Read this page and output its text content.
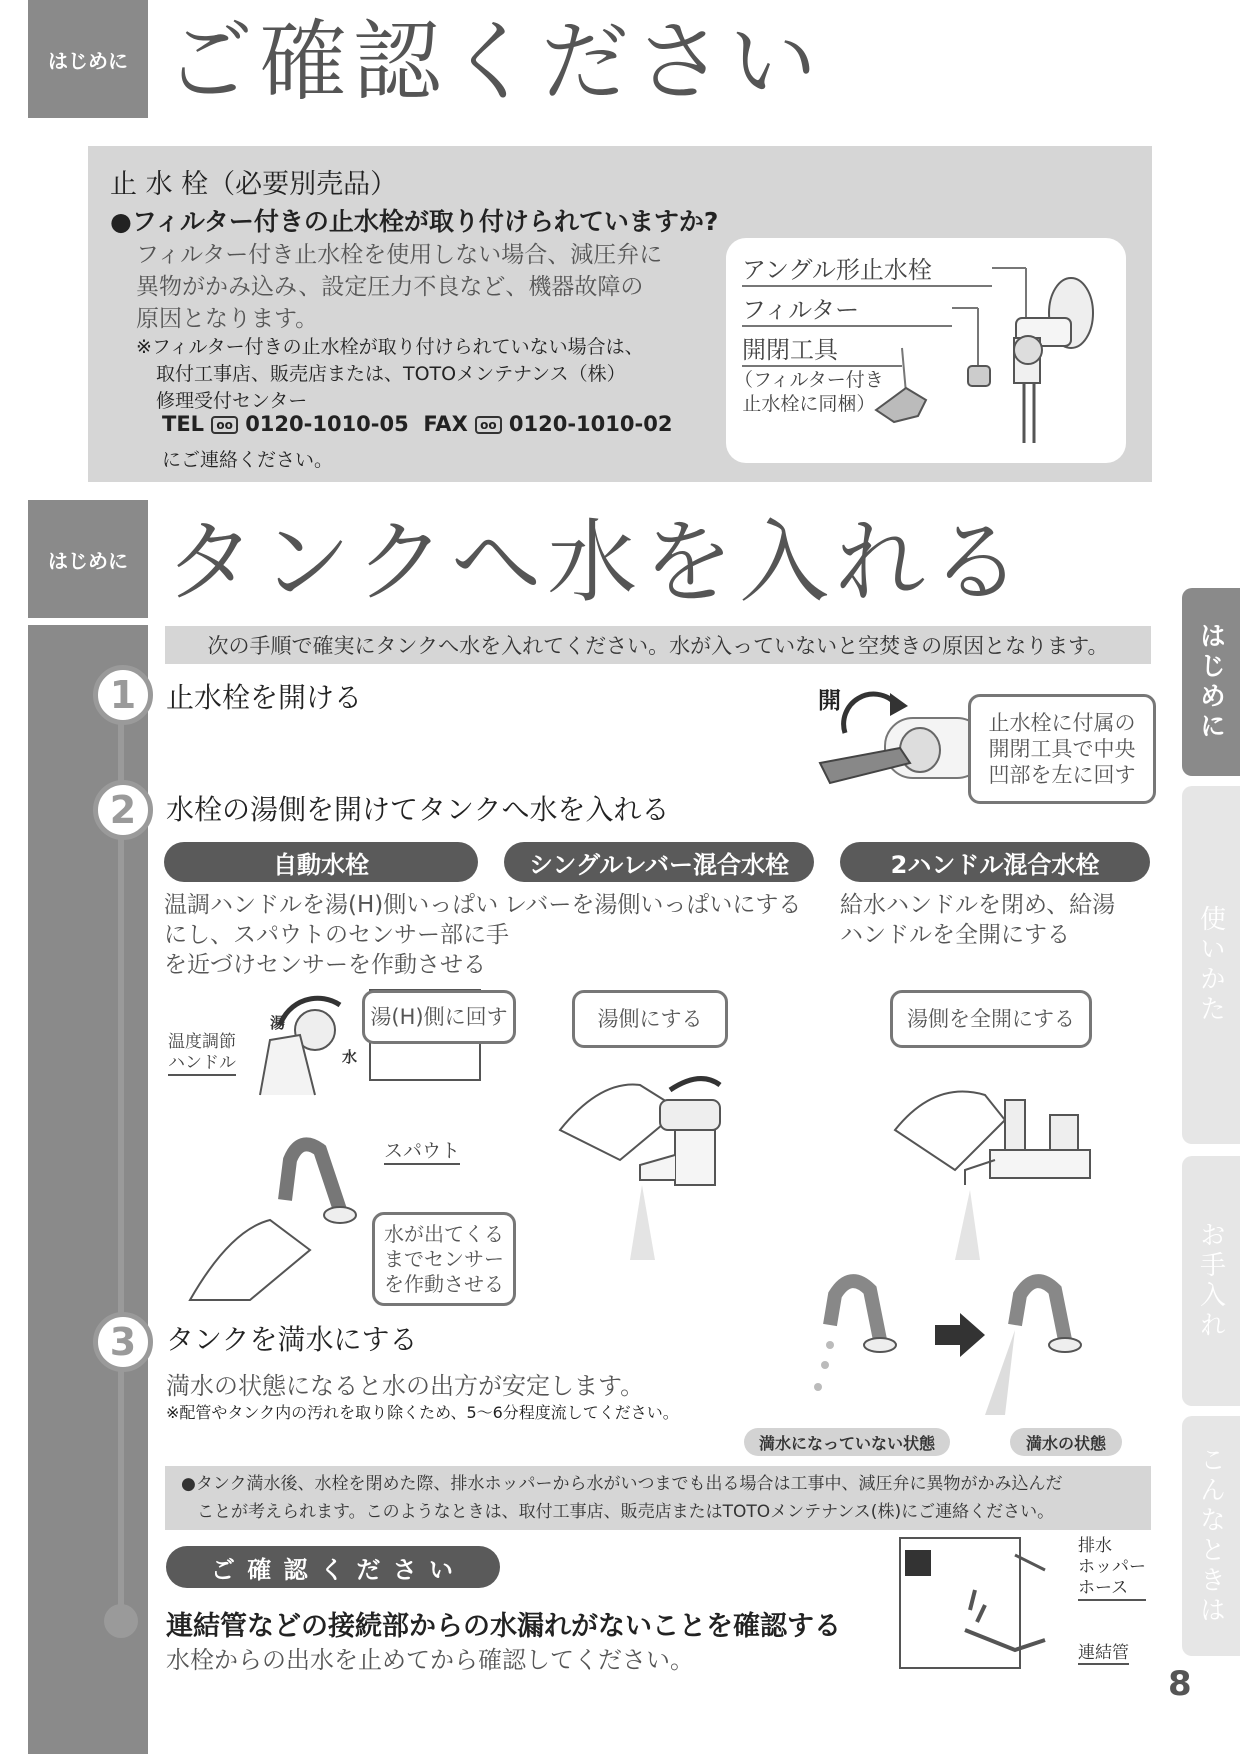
はじめに ご確認ください
止 水 栓（必要別売品）
●フィルター付きの止水栓が取り付けられていますか?
フィルター付き止水栓を使用しない場合、減圧弁に
異物がかみ込み、設定圧力不良など、機器故障の
原因となります。
※フィルター付きの止水栓が取り付けられていない場合は、
取付工事店、販売店または、TOTOメンテナンス（株）
修理受付センター
TEL oo 0120-1010-05 FAX oo 0120-1010-02
にご連絡ください。
アングル形止水栓
フィルター
開閉工具
（フィルター付き
止水栓に同梱）
はじめに タンクへ水を入れる
次の手順で確実にタンクへ水を入れてください。水が入っていないと空焚きの原因となります。
1	止水栓を開ける	開
止水栓に付属の
開閉工具で中央
凹部を左に回す
2	水栓の湯側を開けてタンクへ水を入れる
自動水栓	シングルレバー混合水栓	2ハンドル混合水栓
温調ハンドルを湯(H)側いっぱい
にし、スパウトのセンサー部に手
を近づけセンサーを作動させる
レバーを湯側いっぱいにする 給水ハンドルを閉め、給湯
ハンドルを全開にする
湯
水
温度調節
ハンドル
湯(H)側に回す
スパウト
水が出てくる
までセンサー
を作動させる
湯側にする	湯側を全開にする
3	タンクを満水にする
満水の状態になると水の出方が安定します。
※配管やタンク内の汚れを取り除くため、5〜6分程度流してください。
満水になっていない状態	満水の状態
●タンク満水後、水栓を閉めた際、排水ホッパーから水がいつまでも出る場合は工事中、減圧弁に異物がかみ込んだ
ことが考えられます。このようなときは、取付工事店、販売店またはTOTOメンテナンス(株)にご連絡ください。
ご 確 認 く だ さ い
連結管などの接続部からの水漏れがないことを確認する
水栓からの出水を止めてから確認してください。
排水
ホッパー
ホース
連結管
はじめに
使いかた
お手入れ
こんなときは
8
